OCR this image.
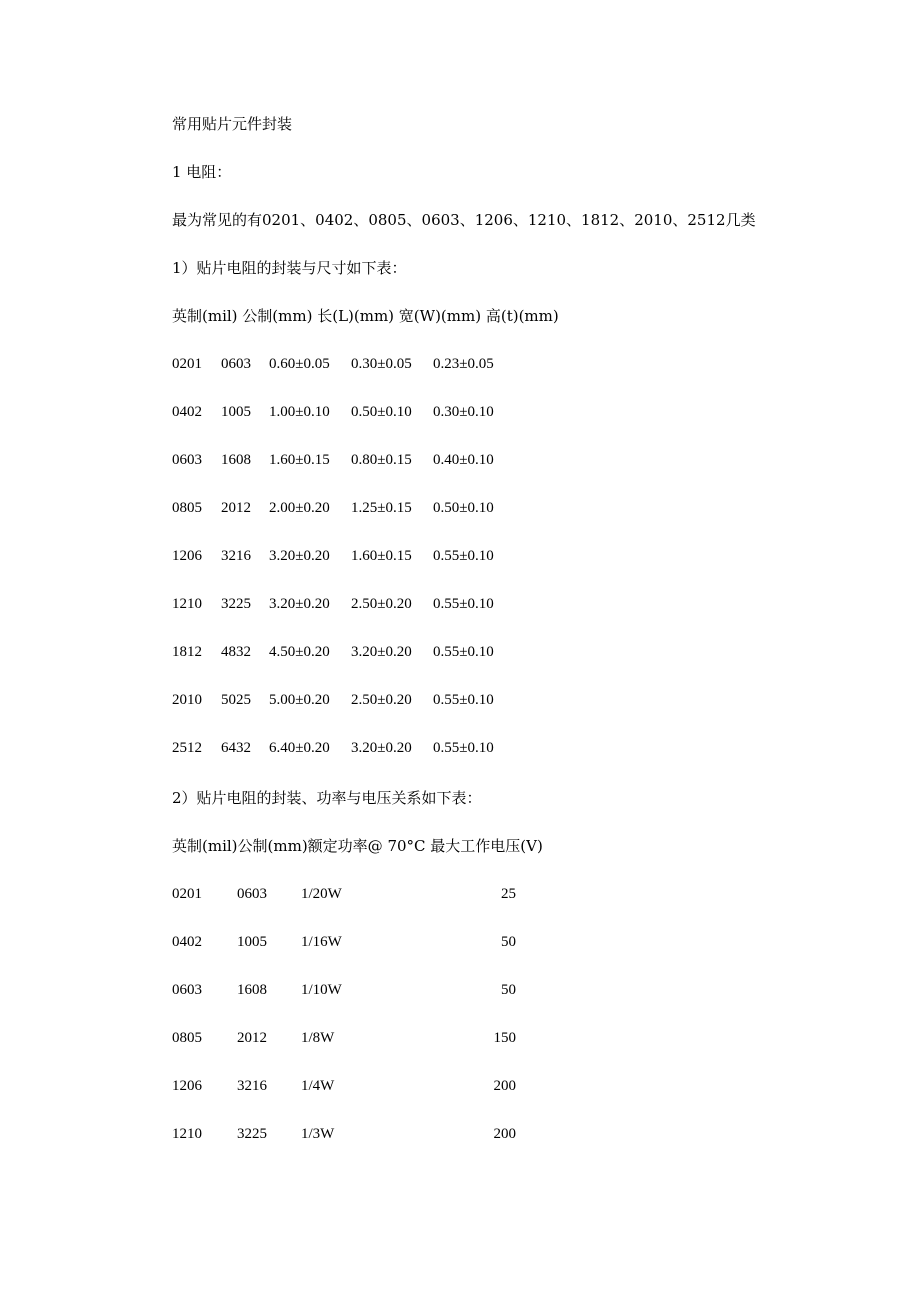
常用贴片元件封装
1 电阻：
最为常见的有0201、0402、0805、0603、1206、1210、1812、2010、2512几类
1）贴片电阻的封装与尺寸如下表：
英制(mil) 公制(mm) 长(L)(mm) 宽(W)(mm) 高(t)(mm)
0201 0603 0.60±0.05 0.30±0.05 0.23±0.05
0402 1005 1.00±0.10 0.50±0.10 0.30±0.10
0603 1608 1.60±0.15 0.80±0.15 0.40±0.10
0805 2012 2.00±0.20 1.25±0.15 0.50±0.10
1206 3216 3.20±0.20 1.60±0.15 0.55±0.10
1210 3225 3.20±0.20 2.50±0.20 0.55±0.10
1812 4832 4.50±0.20 3.20±0.20 0.55±0.10
2010 5025 5.00±0.20 2.50±0.20 0.55±0.10
2512 6432 6.40±0.20 3.20±0.20 0.55±0.10
2）贴片电阻的封装、功率与电压关系如下表：
英制(mil)公制(mm)额定功率@ 70°C 最大工作电压(V)
0201 0603 1/20W	25
0402 1005 1/16W	50
0603 1608 1/10W	50
0805 2012 1/8W	150
1206 3216 1/4W	200
1210 3225 1/3W	200
